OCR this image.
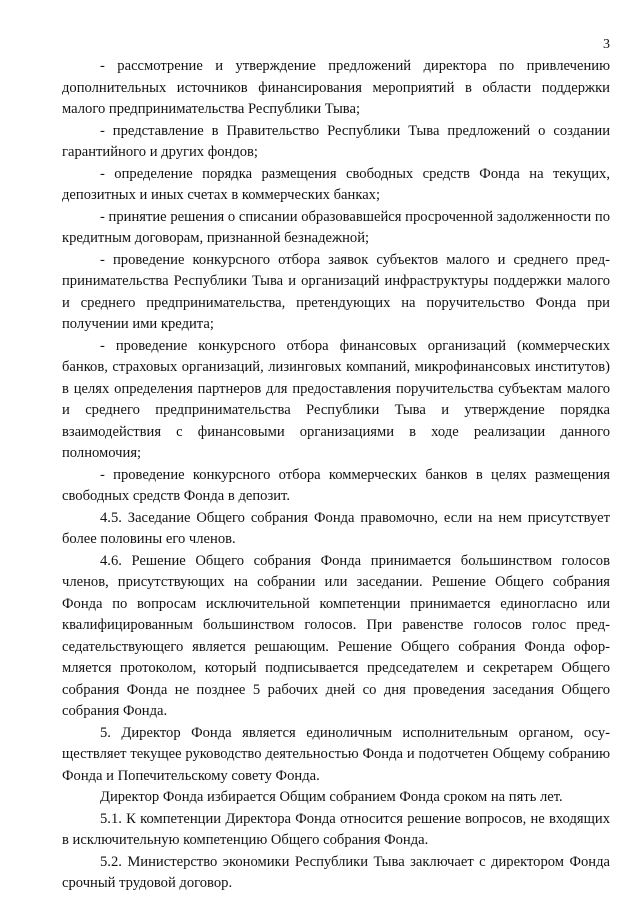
3

- рассмотрение и утверждение предложений директора по привлечению дополнительных источников финансирования мероприятий в области поддержки малого предпринимательства Республики Тыва;

- представление в Правительство Республики Тыва предложений о создании гарантийного и других фондов;

- определение порядка размещения свободных средств Фонда на текущих, депозитных и иных счетах в коммерческих банках;

- принятие решения о списании образовавшейся просроченной задолженности по кредитным договорам, признанной безнадежной;

- проведение конкурсного отбора заявок субъектов малого и среднего предпринимательства Республики Тыва и организаций инфраструктуры поддержки малого и среднего предпринимательства, претендующих на поручительство Фонда при получении ими кредита;

- проведение конкурсного отбора финансовых организаций (коммерческих банков, страховых организаций, лизинговых компаний, микрофинансовых институтов) в целях определения партнеров для предоставления поручительства субъектам малого и среднего предпринимательства Республики Тыва и утверждение порядка взаимодействия с финансовыми организациями в ходе реализации данного полномочия;

- проведение конкурсного отбора коммерческих банков в целях размещения свободных средств Фонда в депозит.

4.5. Заседание Общего собрания Фонда правомочно, если на нем присутствует более половины его членов.

4.6. Решение Общего собрания Фонда принимается большинством голосов членов, присутствующих на собрании или заседании. Решение Общего собрания Фонда по вопросам исключительной компетенции принимается единогласно или квалифицированным большинством голосов. При равенстве голосов голос председательствующего является решающим. Решение Общего собрания Фонда оформляется протоколом, который подписывается председателем и секретарем Общего собрания Фонда не позднее 5 рабочих дней со дня проведения заседания Общего собрания Фонда.

5. Директор Фонда является единоличным исполнительным органом, осуществляет текущее руководство деятельностью Фонда и подотчетен Общему собранию Фонда и Попечительскому совету Фонда.

Директор Фонда избирается Общим собранием Фонда сроком на пять лет.

5.1. К компетенции Директора Фонда относится решение вопросов, не входящих в исключительную компетенцию Общего собрания Фонда.

5.2. Министерство экономики Республики Тыва заключает с директором Фонда срочный трудовой договор.
